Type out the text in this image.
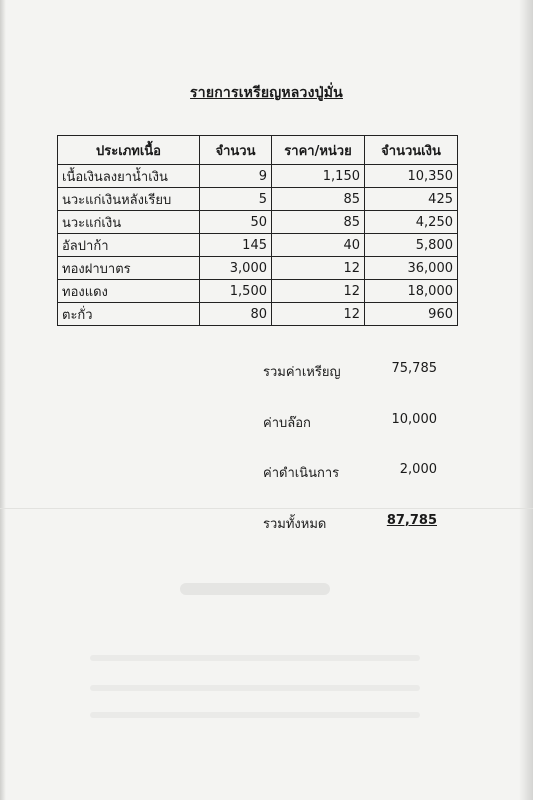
รายการเหรียญหลวงปู่มั่น
ประเภทเนื้อ	จำนวน	ราคา/หน่วย	จำนวนเงิน
เนื้อเงินลงยาน้ำเงิน	9	1,150	10,350
นวะแก่เงินหลังเรียบ	5	85	425
นวะแก่เงิน	50	85	4,250
อัลปาก้า	145	40	5,800
ทองฝาบาตร	3,000	12	36,000
ทองแดง	1,500	12	18,000
ตะกั่ว	80	12	960
รวมค่าเหรียญ	75,785
ค่าบล๊อก	10,000
ค่าดำเนินการ	2,000
รวมทั้งหมด	87,785
